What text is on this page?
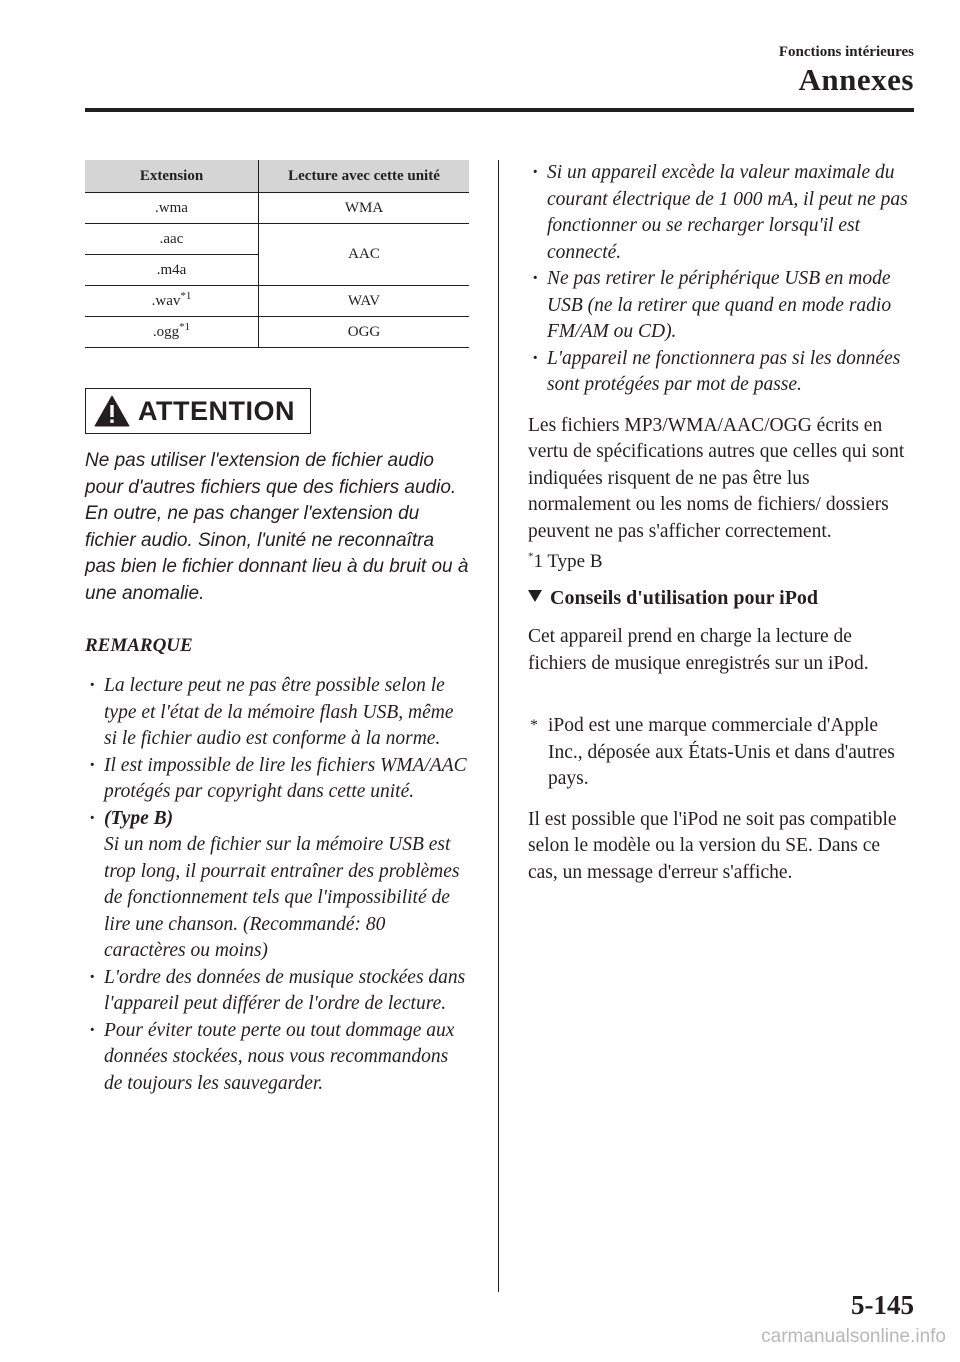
Fonctions intérieures
Annexes
Extension	Lecture avec cette unité
.wma	WMA
.aac	AAC
.m4a	
.wav$^{*1}$	WAV
.ogg$^{*1}$	OGG
ATTENTION
Ne pas utiliser l'extension de fichier audio pour d'autres fichiers que des fichiers audio. En outre, ne pas changer l'extension du fichier audio. Sinon, l'unité ne reconnaîtra pas bien le fichier donnant lieu à du bruit ou à une anomalie.
REMARQUE
· La lecture peut ne pas être possible selon le type et l'état de la mémoire flash USB, même si le fichier audio est conforme à la norme.
· Il est impossible de lire les fichiers WMA/AAC protégés par copyright dans cette unité.
· (Type B)
Si un nom de fichier sur la mémoire USB est trop long, il pourrait entraîner des problèmes de fonctionnement tels que l'impossibilité de lire une chanson. (Recommandé: 80 caractères ou moins)
· L'ordre des données de musique stockées dans l'appareil peut différer de l'ordre de lecture.
· Pour éviter toute perte ou tout dommage aux données stockées, nous vous recommandons de toujours les sauvegarder.
· Si un appareil excède la valeur maximale du courant électrique de 1 000 mA, il peut ne pas fonctionner ou se recharger lorsqu'il est connecté.
· Ne pas retirer le périphérique USB en mode USB (ne la retirer que quand en mode radio FM/AM ou CD).
· L'appareil ne fonctionnera pas si les données sont protégées par mot de passe.

Les fichiers MP3/WMA/AAC/OGG écrits en vertu de spécifications autres que celles qui sont indiquées risquent de ne pas être lus normalement ou les noms de fichiers/ dossiers peuvent ne pas s'afficher correctement.

*1 Type B
Conseils d'utilisation pour iPod

Cet appareil prend en charge la lecture de fichiers de musique enregistrés sur un iPod.

* iPod est une marque commerciale d'Apple Inc., déposée aux États-Unis et dans d'autres pays.

Il est possible que l'iPod ne soit pas compatible selon le modèle ou la version du SE. Dans ce cas, un message d'erreur s'affiche.

5-145
carmanualsonline.info
